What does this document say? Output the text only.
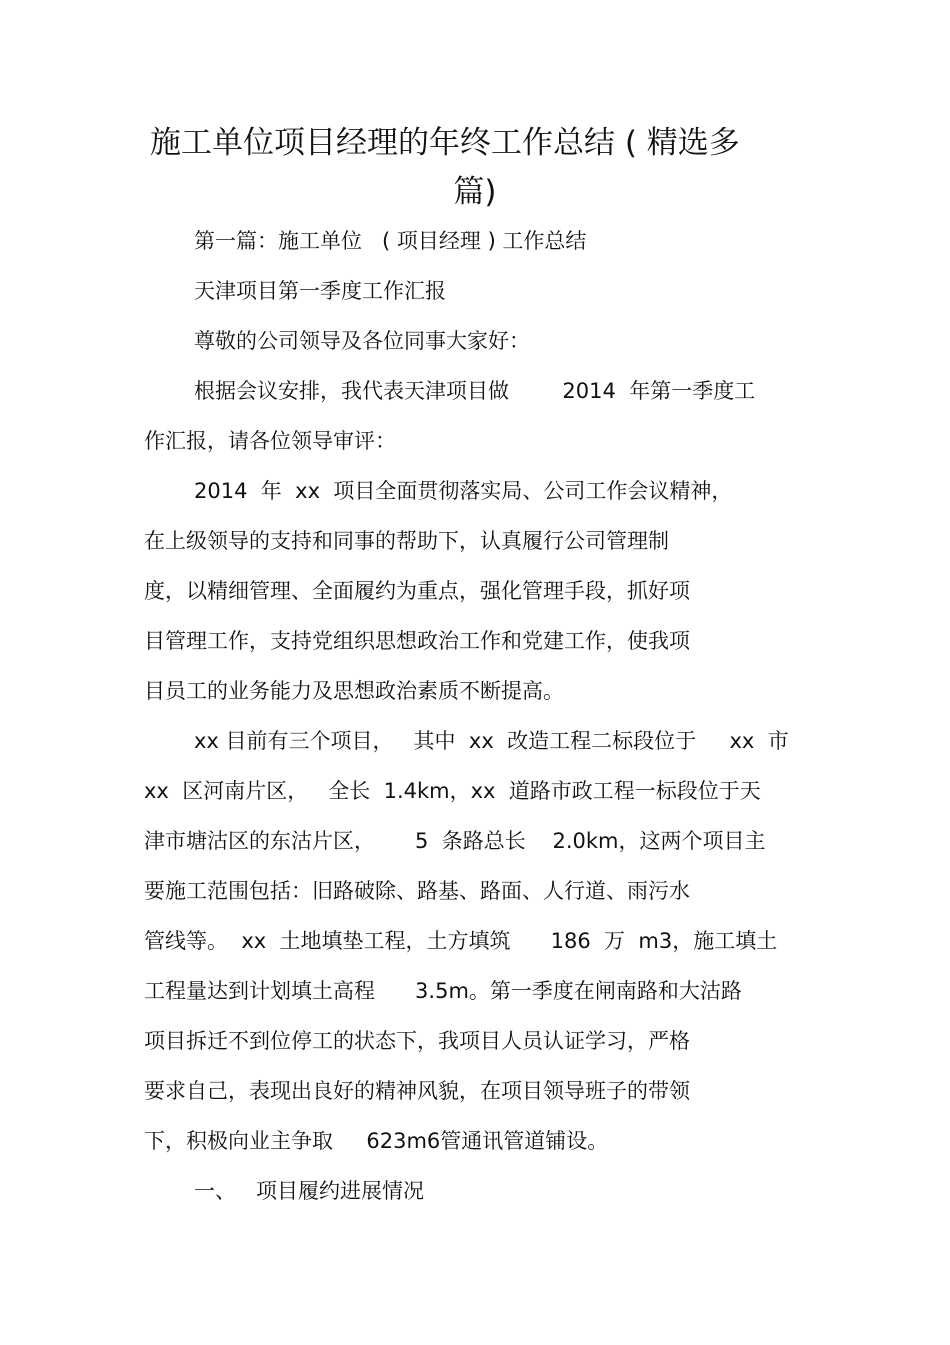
施工单位项目经理的年终工作总结 ( 精选多
篇)
第一篇：施工单位   ( 项目经理 ) 工作总结
天津项目第一季度工作汇报
尊敬的公司领导及各位同事大家好：
根据会议安排，我代表天津项目做        2014  年第一季度工
作汇报，请各位领导审评：
2014  年  xx  项目全面贯彻落实局、公司工作会议精神，
在上级领导的支持和同事的帮助下，认真履行公司管理制
度，以精细管理、全面履约为重点，强化管理手段，抓好项
目管理工作，支持党组织思想政治工作和党建工作，使我项
目员工的业务能力及思想政治素质不断提高。
xx 目前有三个项目，   其中  xx  改造工程二标段位于     xx  市
xx  区河南片区，   全长  1.4km，xx  道路市政工程一标段位于天
津市塘沽区的东沽片区，      5  条路总长    2.0km，这两个项目主
要施工范围包括：旧路破除、路基、路面、人行道、雨污水
管线等。  xx  土地填垫工程，土方填筑      186  万  m3，施工填土
工程量达到计划填土高程      3.5m。第一季度在闸南路和大沽路
项目拆迁不到位停工的状态下，我项目人员认证学习，严格
要求自己，表现出良好的精神风貌，在项目领导班子的带领
下，积极向业主争取     623m6管通讯管道铺设。
一、   项目履约进展情况
